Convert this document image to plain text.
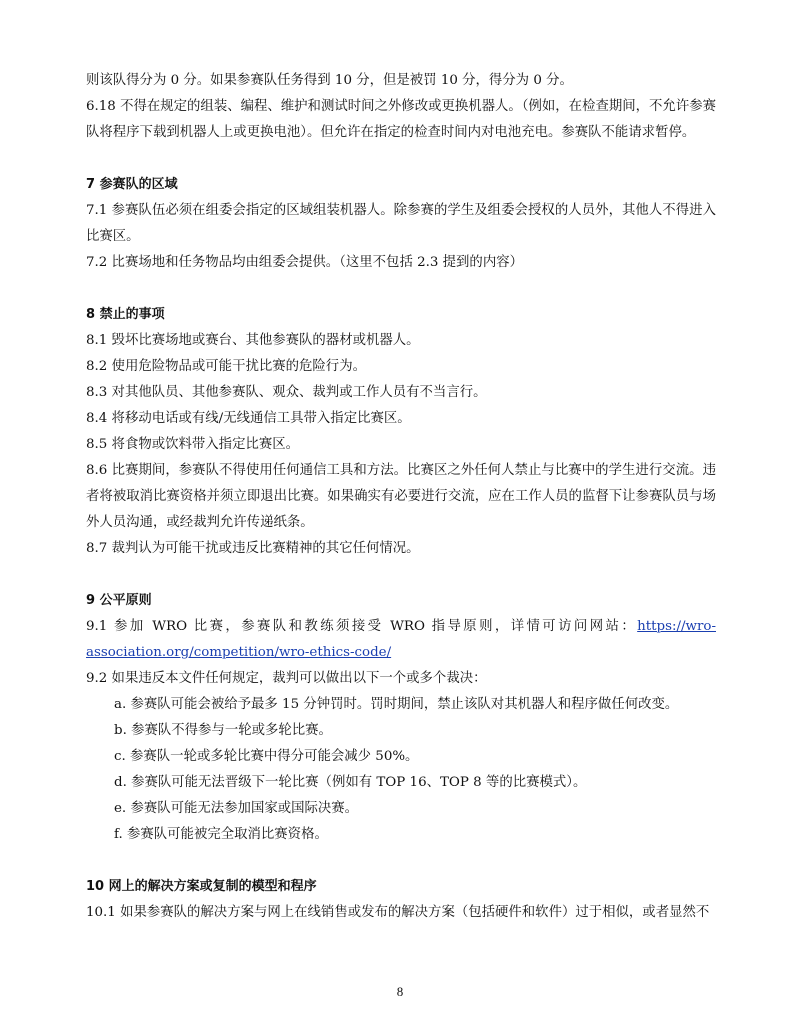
则该队得分为 0 分。如果参赛队任务得到 10 分，但是被罚 10 分，得分为 0 分。

6.18 不得在规定的组装、编程、维护和测试时间之外修改或更换机器人。（例如，在检查期间，不允许参赛队将程序下载到机器人上或更换电池）。但允许在指定的检查时间内对电池充电。参赛队不能请求暂停。

7 参赛队的区域

7.1 参赛队伍必须在组委会指定的区域组装机器人。除参赛的学生及组委会授权的人员外，其他人不得进入比赛区。

7.2 比赛场地和任务物品均由组委会提供。（这里不包括 2.3 提到的内容）

8 禁止的事项

8.1 毁坏比赛场地或赛台、其他参赛队的器材或机器人。

8.2 使用危险物品或可能干扰比赛的危险行为。

8.3 对其他队员、其他参赛队、观众、裁判或工作人员有不当言行。

8.4 将移动电话或有线/无线通信工具带入指定比赛区。

8.5 将食物或饮料带入指定比赛区。

8.6 比赛期间，参赛队不得使用任何通信工具和方法。比赛区之外任何人禁止与比赛中的学生进行交流。违者将被取消比赛资格并须立即退出比赛。如果确实有必要进行交流，应在工作人员的监督下让参赛队员与场外人员沟通，或经裁判允许传递纸条。

8.7 裁判认为可能干扰或违反比赛精神的其它任何情况。

9 公平原则

9.1 参加 WRO 比赛，参赛队和教练须接受 WRO 指导原则，详情可访问网站：https://wro-association.org/competition/wro-ethics-code/

9.2 如果违反本文件任何规定，裁判可以做出以下一个或多个裁决：

a. 参赛队可能会被给予最多 15 分钟罚时。罚时期间，禁止该队对其机器人和程序做任何改变。

b. 参赛队不得参与一轮或多轮比赛。

c. 参赛队一轮或多轮比赛中得分可能会减少 50%。

d. 参赛队可能无法晋级下一轮比赛（例如有 TOP 16、TOP 8 等的比赛模式）。

e. 参赛队可能无法参加国家或国际决赛。

f. 参赛队可能被完全取消比赛资格。

10 网上的解决方案或复制的模型和程序

10.1 如果参赛队的解决方案与网上在线销售或发布的解决方案（包括硬件和软件）过于相似，或者显然不

8
